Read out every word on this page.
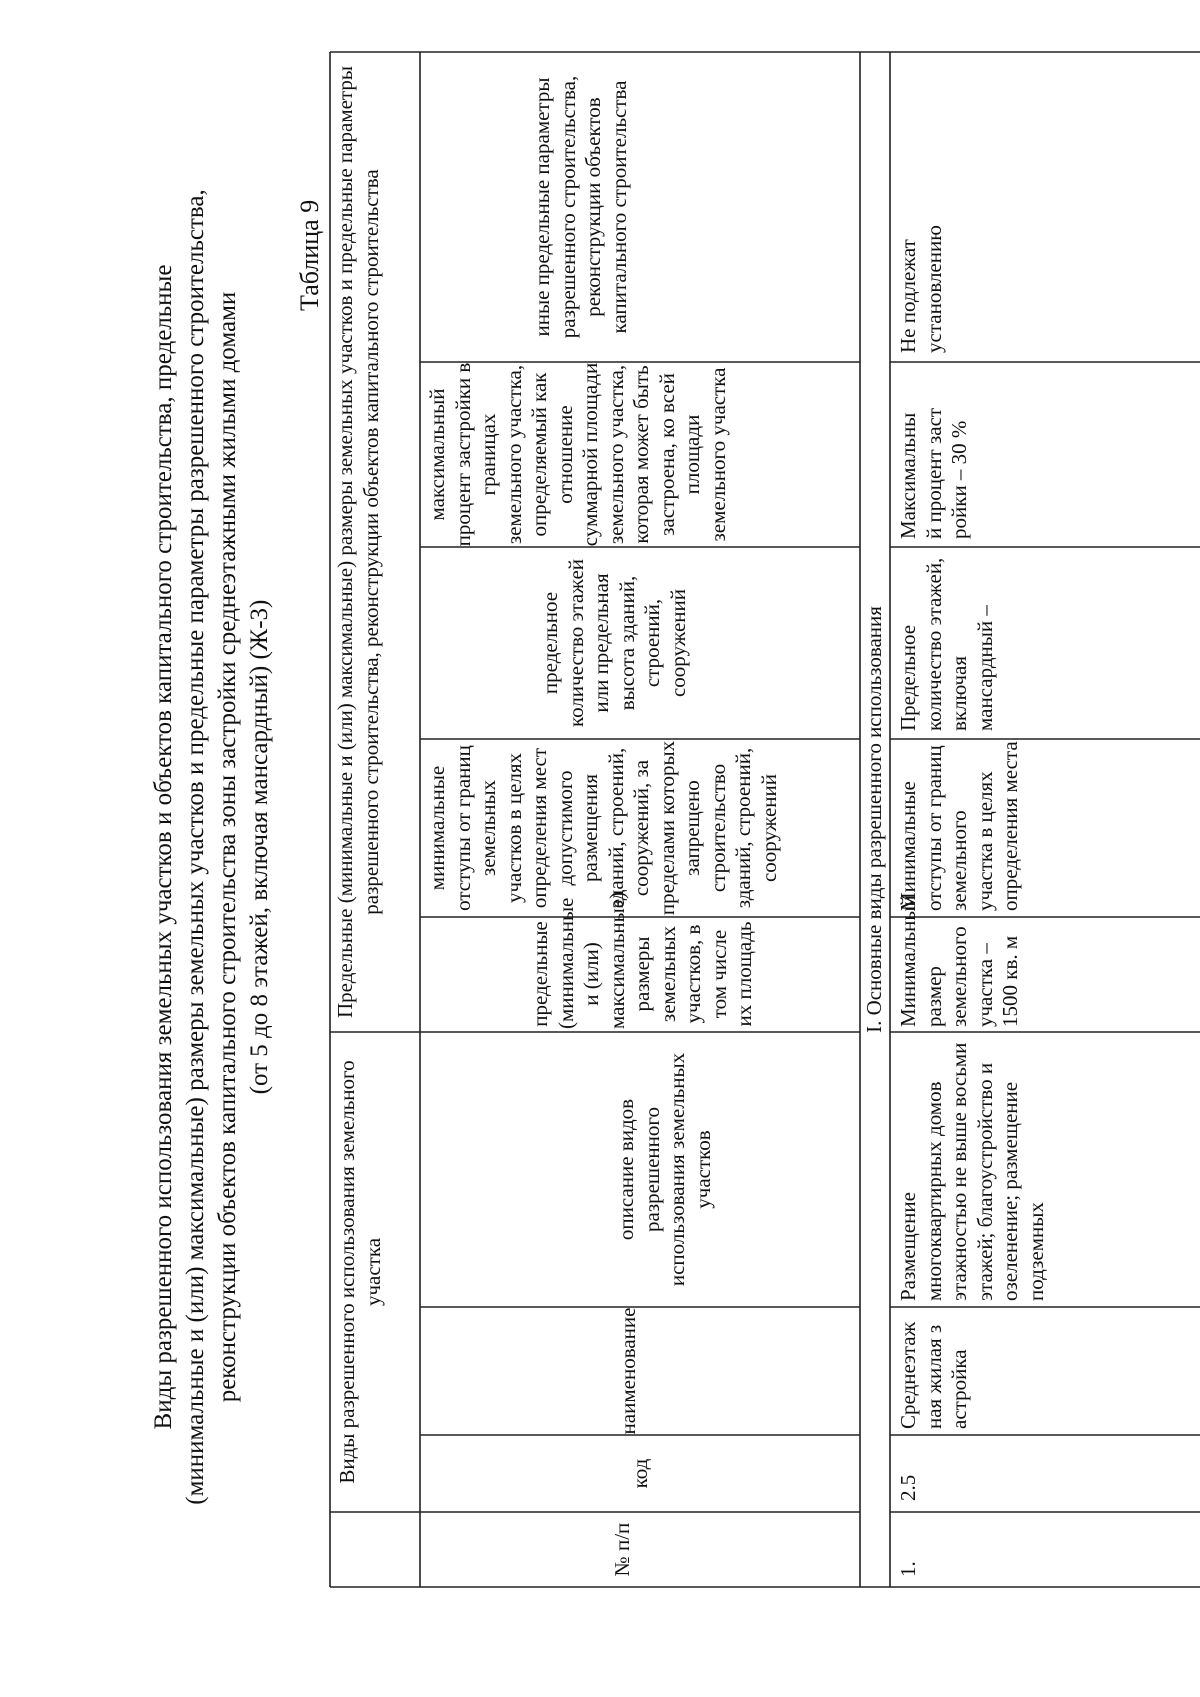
Виды разрешенного использования земельных участков и объектов капитального строительства, предельные (минимальные и (или) максимальные) размеры земельных участков и предельные параметры разрешенного строительства, реконструкции объектов капитального строительства зоны застройки среднеэтажными жилыми домами (от 5 до 8 этажей, включая мансардный) (Ж-3)
Таблица 9
№ п/п
Виды разрешенного использования земельного участка
код
наименование
описание видов разрешенного использования земельных участков
Предельные (минимальные и (или) максимальные) размеры земельных участков и предельные параметры разрешенного строительства, реконструкции объектов капитального строительства
предельные (минимальные и (или) максимальные) размеры земельных участков, в том числе их площадь
минимальные отступы от границ земельных участков в целях определения мест допустимого размещения зданий, строений, сооружений, за пределами которых запрещено строительство зданий, строений, сооружений
предельное количество этажей или предельная высота зданий, строений, сооружений
максимальный процент застройки в границах земельного участка, определяемый как отношение суммарной площади земельного участка, которая может быть застроена, ко всей площади земельного участка
иные предельные параметры разрешенного строительства, реконструкции объектов капитального строительства
I. Основные виды разрешенного использования
1.
2.5
Среднеэтажная жилая застройка
Размещение многоквартирных домов этажностью не выше восьми этажей; благоустройство и озеленение; размещение подземных
Минимальный размер земельного участка – 1500 кв. м
Минимальные отступы от границ земельного участка в целях определения места
Предельное количество этажей, включая мансардный –
Максимальный процент застройки – 30 %
Не подлежат установлению
